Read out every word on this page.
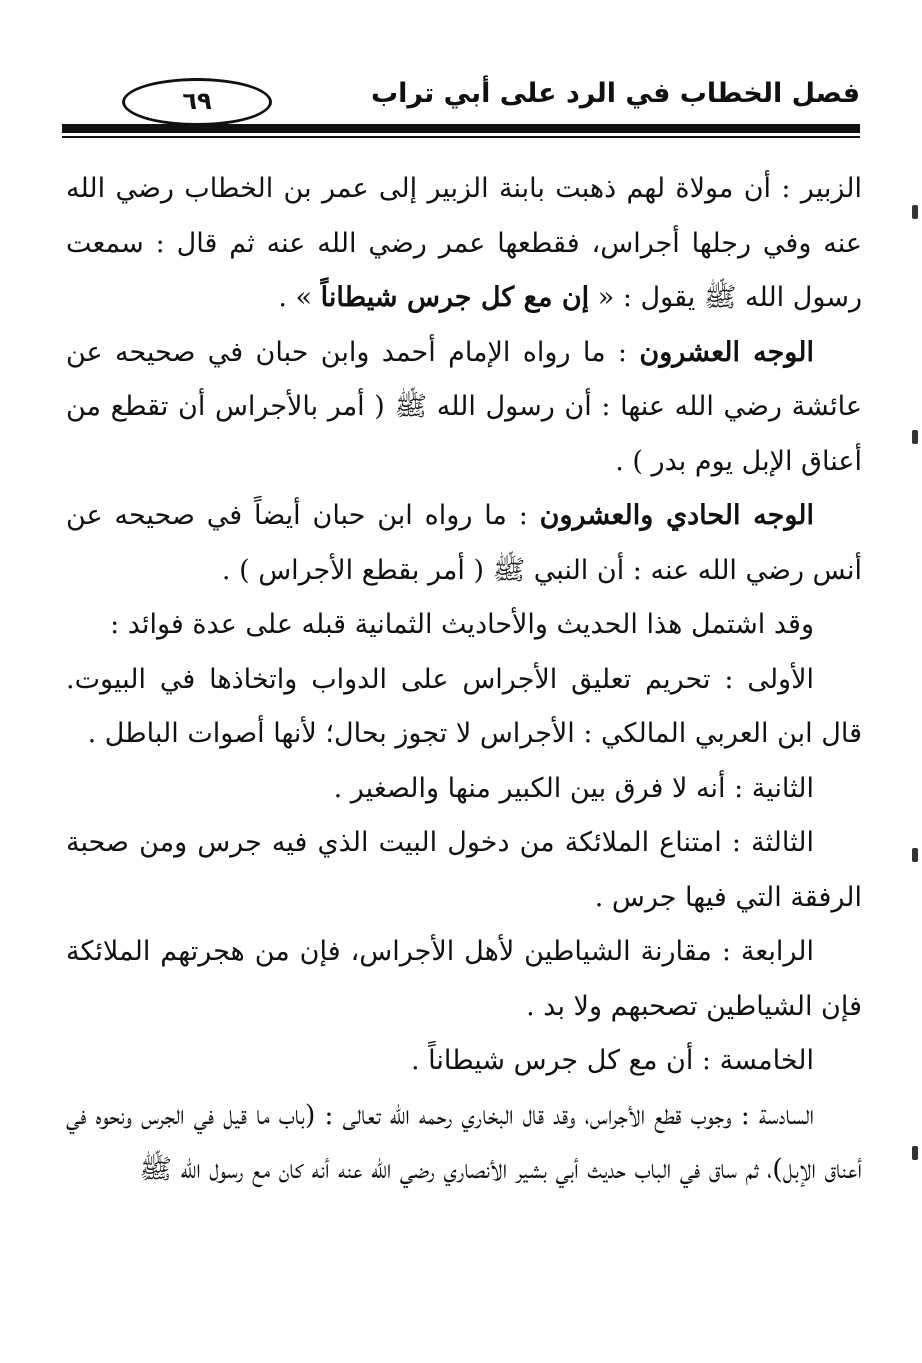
٦٩	فصل الخطاب في الرد على أبي تراب

الزبير : أن مولاة لهم ذهبت بابنة الزبير إلى عمر بن الخطاب رضي الله عنه وفي رجلها أجراس، فقطعها عمر رضي الله عنه ثم قال : سمعت رسول الله ﷺ يقول : « إن مع كل جرس شيطاناً » .

الوجه العشرون : ما رواه الإمام أحمد وابن حبان في صحيحه عن عائشة رضي الله عنها : أن رسول الله ﷺ ( أمر بالأجراس أن تقطع من أعناق الإبل يوم بدر ) .

الوجه الحادي والعشرون : ما رواه ابن حبان أيضاً في صحيحه عن أنس رضي الله عنه : أن النبي ﷺ ( أمر بقطع الأجراس ) .

وقد اشتمل هذا الحديث والأحاديث الثمانية قبله على عدة فوائد :

الأولى : تحريم تعليق الأجراس على الدواب واتخاذها في البيوت. قال ابن العربي المالكي : الأجراس لا تجوز بحال؛ لأنها أصوات الباطل .

الثانية : أنه لا فرق بين الكبير منها والصغير .

الثالثة : امتناع الملائكة من دخول البيت الذي فيه جرس ومن صحبة الرفقة التي فيها جرس .

الرابعة : مقارنة الشياطين لأهل الأجراس، فإن من هجرتهم الملائكة فإن الشياطين تصحبهم ولا بد .

الخامسة : أن مع كل جرس شيطاناً .

السادسة : وجوب قطع الأجراس، وقد قال البخاري رحمه الله تعالى : (باب ما قيل في الجرس ونحوه في أعناق الإبل)، ثم ساق في الباب حديث أبي بشير الأنصاري رضي الله عنه أنه كان مع رسول الله ﷺ
